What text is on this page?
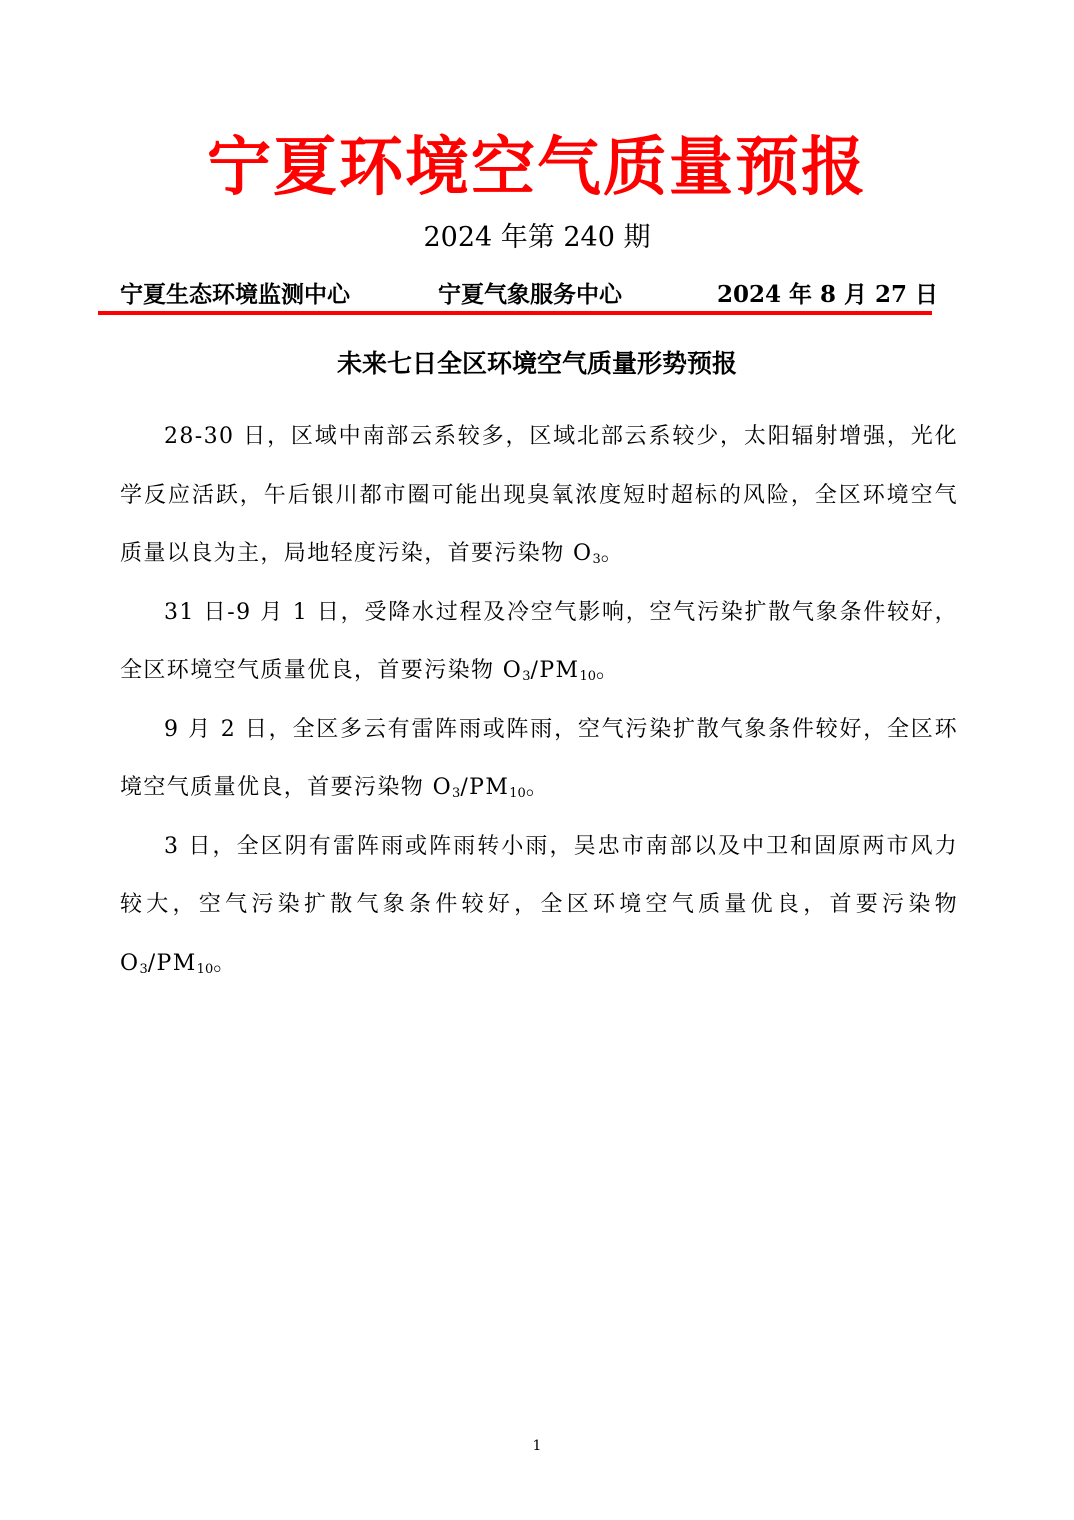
宁夏环境空气质量预报
2024 年第 240 期
宁夏生态环境监测中心	宁夏气象服务中心	2024 年 8 月 27 日
未来七日全区环境空气质量形势预报

28-30 日，区域中南部云系较多，区域北部云系较少，太阳辐射增强，光化学反应活跃，午后银川都市圈可能出现臭氧浓度短时超标的风险，全区环境空气质量以良为主，局地轻度污染，首要污染物 $O_3$。

31 日-9 月 1 日，受降水过程及冷空气影响，空气污染扩散气象条件较好，全区环境空气质量优良，首要污染物 $O_3/PM_{10}$。

9 月 2 日，全区多云有雷阵雨或阵雨，空气污染扩散气象条件较好，全区环境空气质量优良，首要污染物 $O_3/PM_{10}$。

3 日，全区阴有雷阵雨或阵雨转小雨，吴忠市南部以及中卫和固原两市风力较大，空气污染扩散气象条件较好，全区环境空气质量优良，首要污染物 $O_3/PM_{10}$。

1
